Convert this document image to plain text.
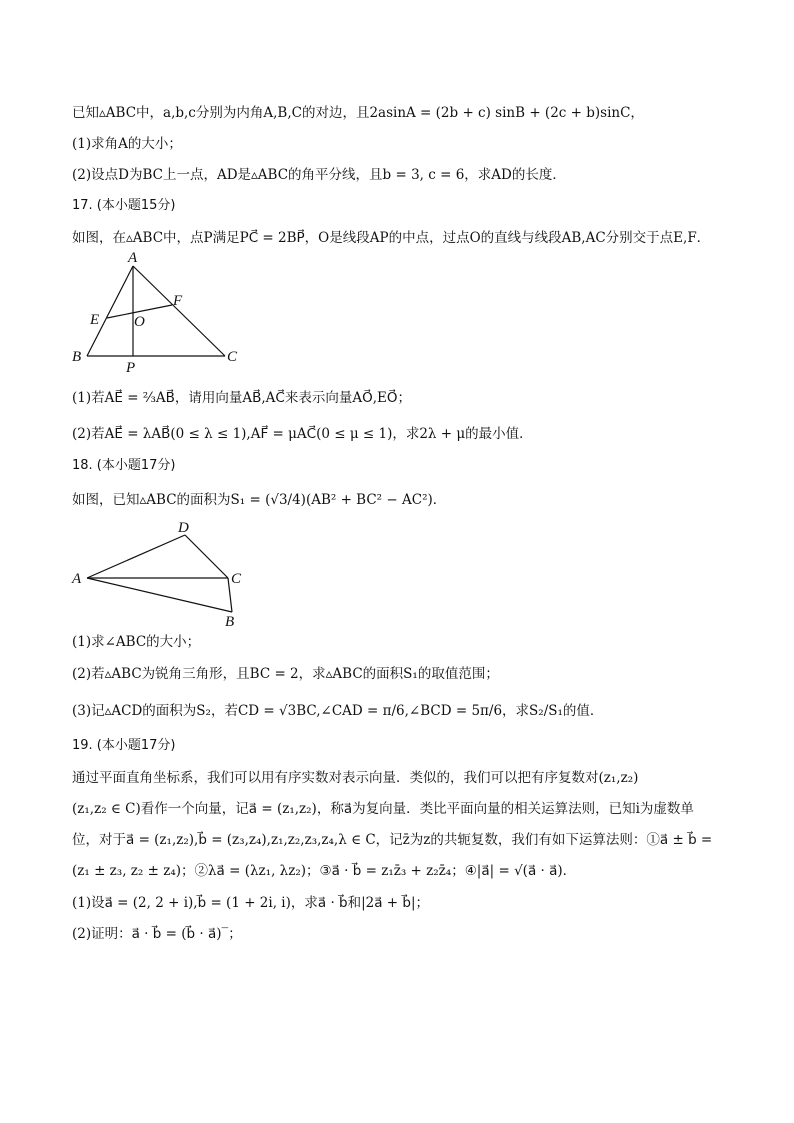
已知▵ABC中，a,b,c分别为内角A,B,C的对边，且2asinA = (2b + c) sinB + (2c + b)sinC，
(1)求角A的大小；
(2)设点D为BC上一点，AD是▵ABC的角平分线，且b = 3, c = 6，求AD的长度．
17. (本小题15分)
如图，在▵ABC中，点P满足PC⃗ = 2BP⃗，O是线段AP的中点，过点O的直线与线段AB,AC分别交于点E,F．
A
B	C
E
F
O
P
(1)若AE⃗ = ²⁄₃AB⃗，请用向量AB⃗,AC⃗来表示向量AO⃗,EO⃗；
(2)若AE⃗ = λAB⃗(0 ≤ λ ≤ 1),AF⃗ = μAC⃗(0 ≤ μ ≤ 1)，求2λ + μ的最小值．
18. (本小题17分)
如图，已知▵ABC的面积为S₁ = (√3/4)(AB² + BC² − AC²)．
A
B
C
D
(1)求∠ABC的大小；
(2)若▵ABC为锐角三角形，且BC = 2，求▵ABC的面积S₁的取值范围；
(3)记▵ACD的面积为S₂，若CD = √3BC,∠CAD = π/6,∠BCD = 5π/6，求S₂/S₁的值．
19. (本小题17分)
通过平面直角坐标系，我们可以用有序实数对表示向量．类似的，我们可以把有序复数对(z₁,z₂)
(z₁,z₂ ∈ C)看作一个向量，记a⃗ = (z₁,z₂)，称a⃗为复向量．类比平面向量的相关运算法则，已知i为虚数单
位，对于a⃗ = (z₁,z₂),b⃗ = (z₃,z₄),z₁,z₂,z₃,z₄,λ ∈ C，记z̄为z的共轭复数，我们有如下运算法则：①a⃗ ± b⃗ =
(z₁ ± z₃, z₂ ± z₄)；②λa⃗ = (λz₁, λz₂)；③a⃗ · b⃗ = z₁z̄₃ + z₂z̄₄；④|a⃗| = √(a⃗ · a⃗)．
(1)设a⃗ = (2, 2 + i),b⃗ = (1 + 2i, i)，求a⃗ · b⃗和|2a⃗ + b⃗|；
(2)证明：a⃗ · b⃗ = (b⃗ · a⃗)‾；
